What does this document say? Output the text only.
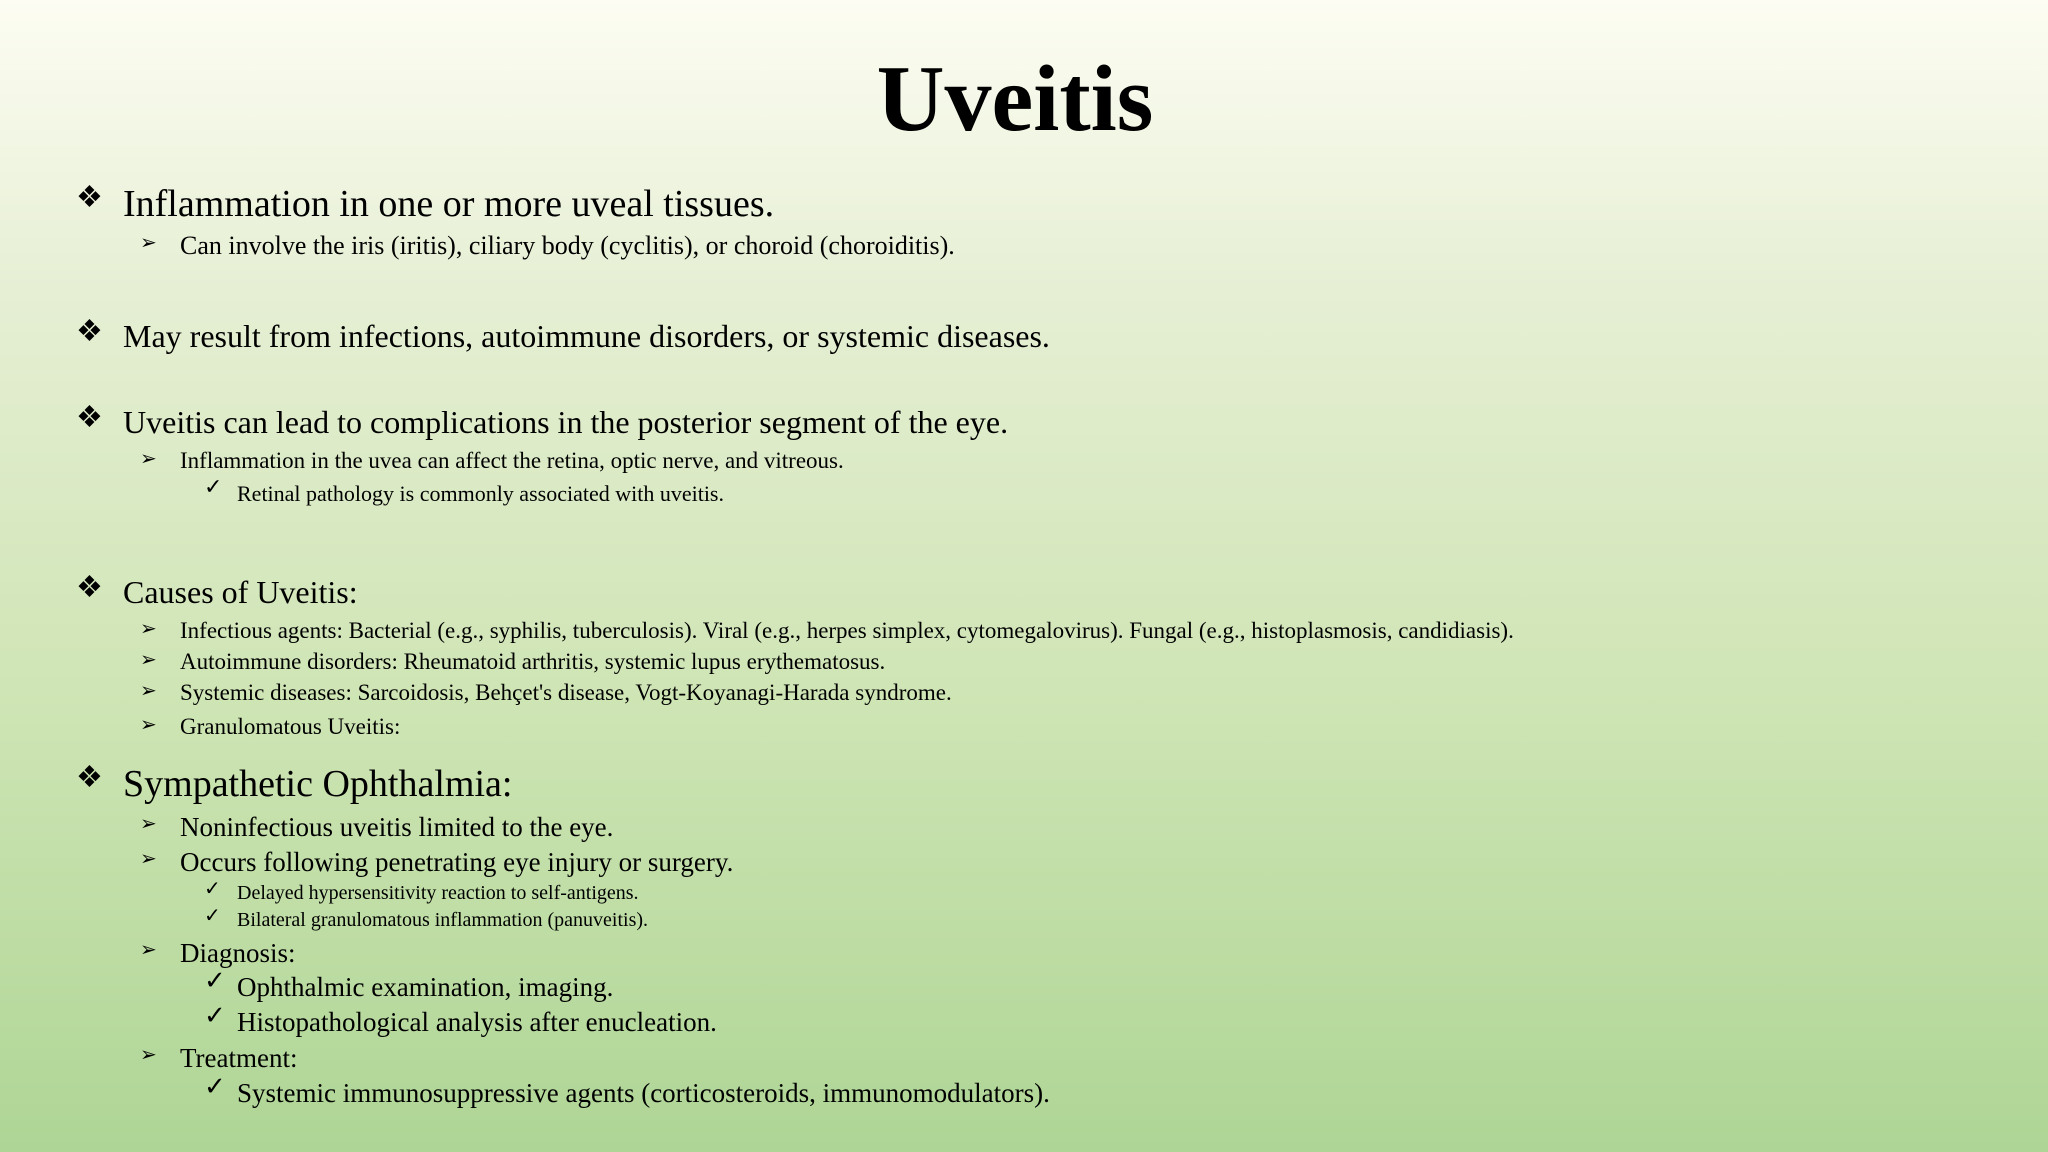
Uveitis
❖ Inflammation in one or more uveal tissues.
➢ Can involve the iris (iritis), ciliary body (cyclitis), or choroid (choroiditis).
❖ May result from infections, autoimmune disorders, or systemic diseases.
❖ Uveitis can lead to complications in the posterior segment of the eye.
➢ Inflammation in the uvea can affect the retina, optic nerve, and vitreous.
✓ Retinal pathology is commonly associated with uveitis.
❖ Causes of Uveitis:
➢ Infectious agents: Bacterial (e.g., syphilis, tuberculosis). Viral (e.g., herpes simplex, cytomegalovirus). Fungal (e.g., histoplasmosis, candidiasis).
➢ Autoimmune disorders: Rheumatoid arthritis, systemic lupus erythematosus.
➢ Systemic diseases: Sarcoidosis, Behçet's disease, Vogt-Koyanagi-Harada syndrome.
➢ Granulomatous Uveitis:
❖ Sympathetic Ophthalmia:
➢ Noninfectious uveitis limited to the eye.
➢ Occurs following penetrating eye injury or surgery.
✓ Delayed hypersensitivity reaction to self-antigens.
✓ Bilateral granulomatous inflammation (panuveitis).
➢ Diagnosis:
✓ Ophthalmic examination, imaging.
✓ Histopathological analysis after enucleation.
➢ Treatment:
✓ Systemic immunosuppressive agents (corticosteroids, immunomodulators).
